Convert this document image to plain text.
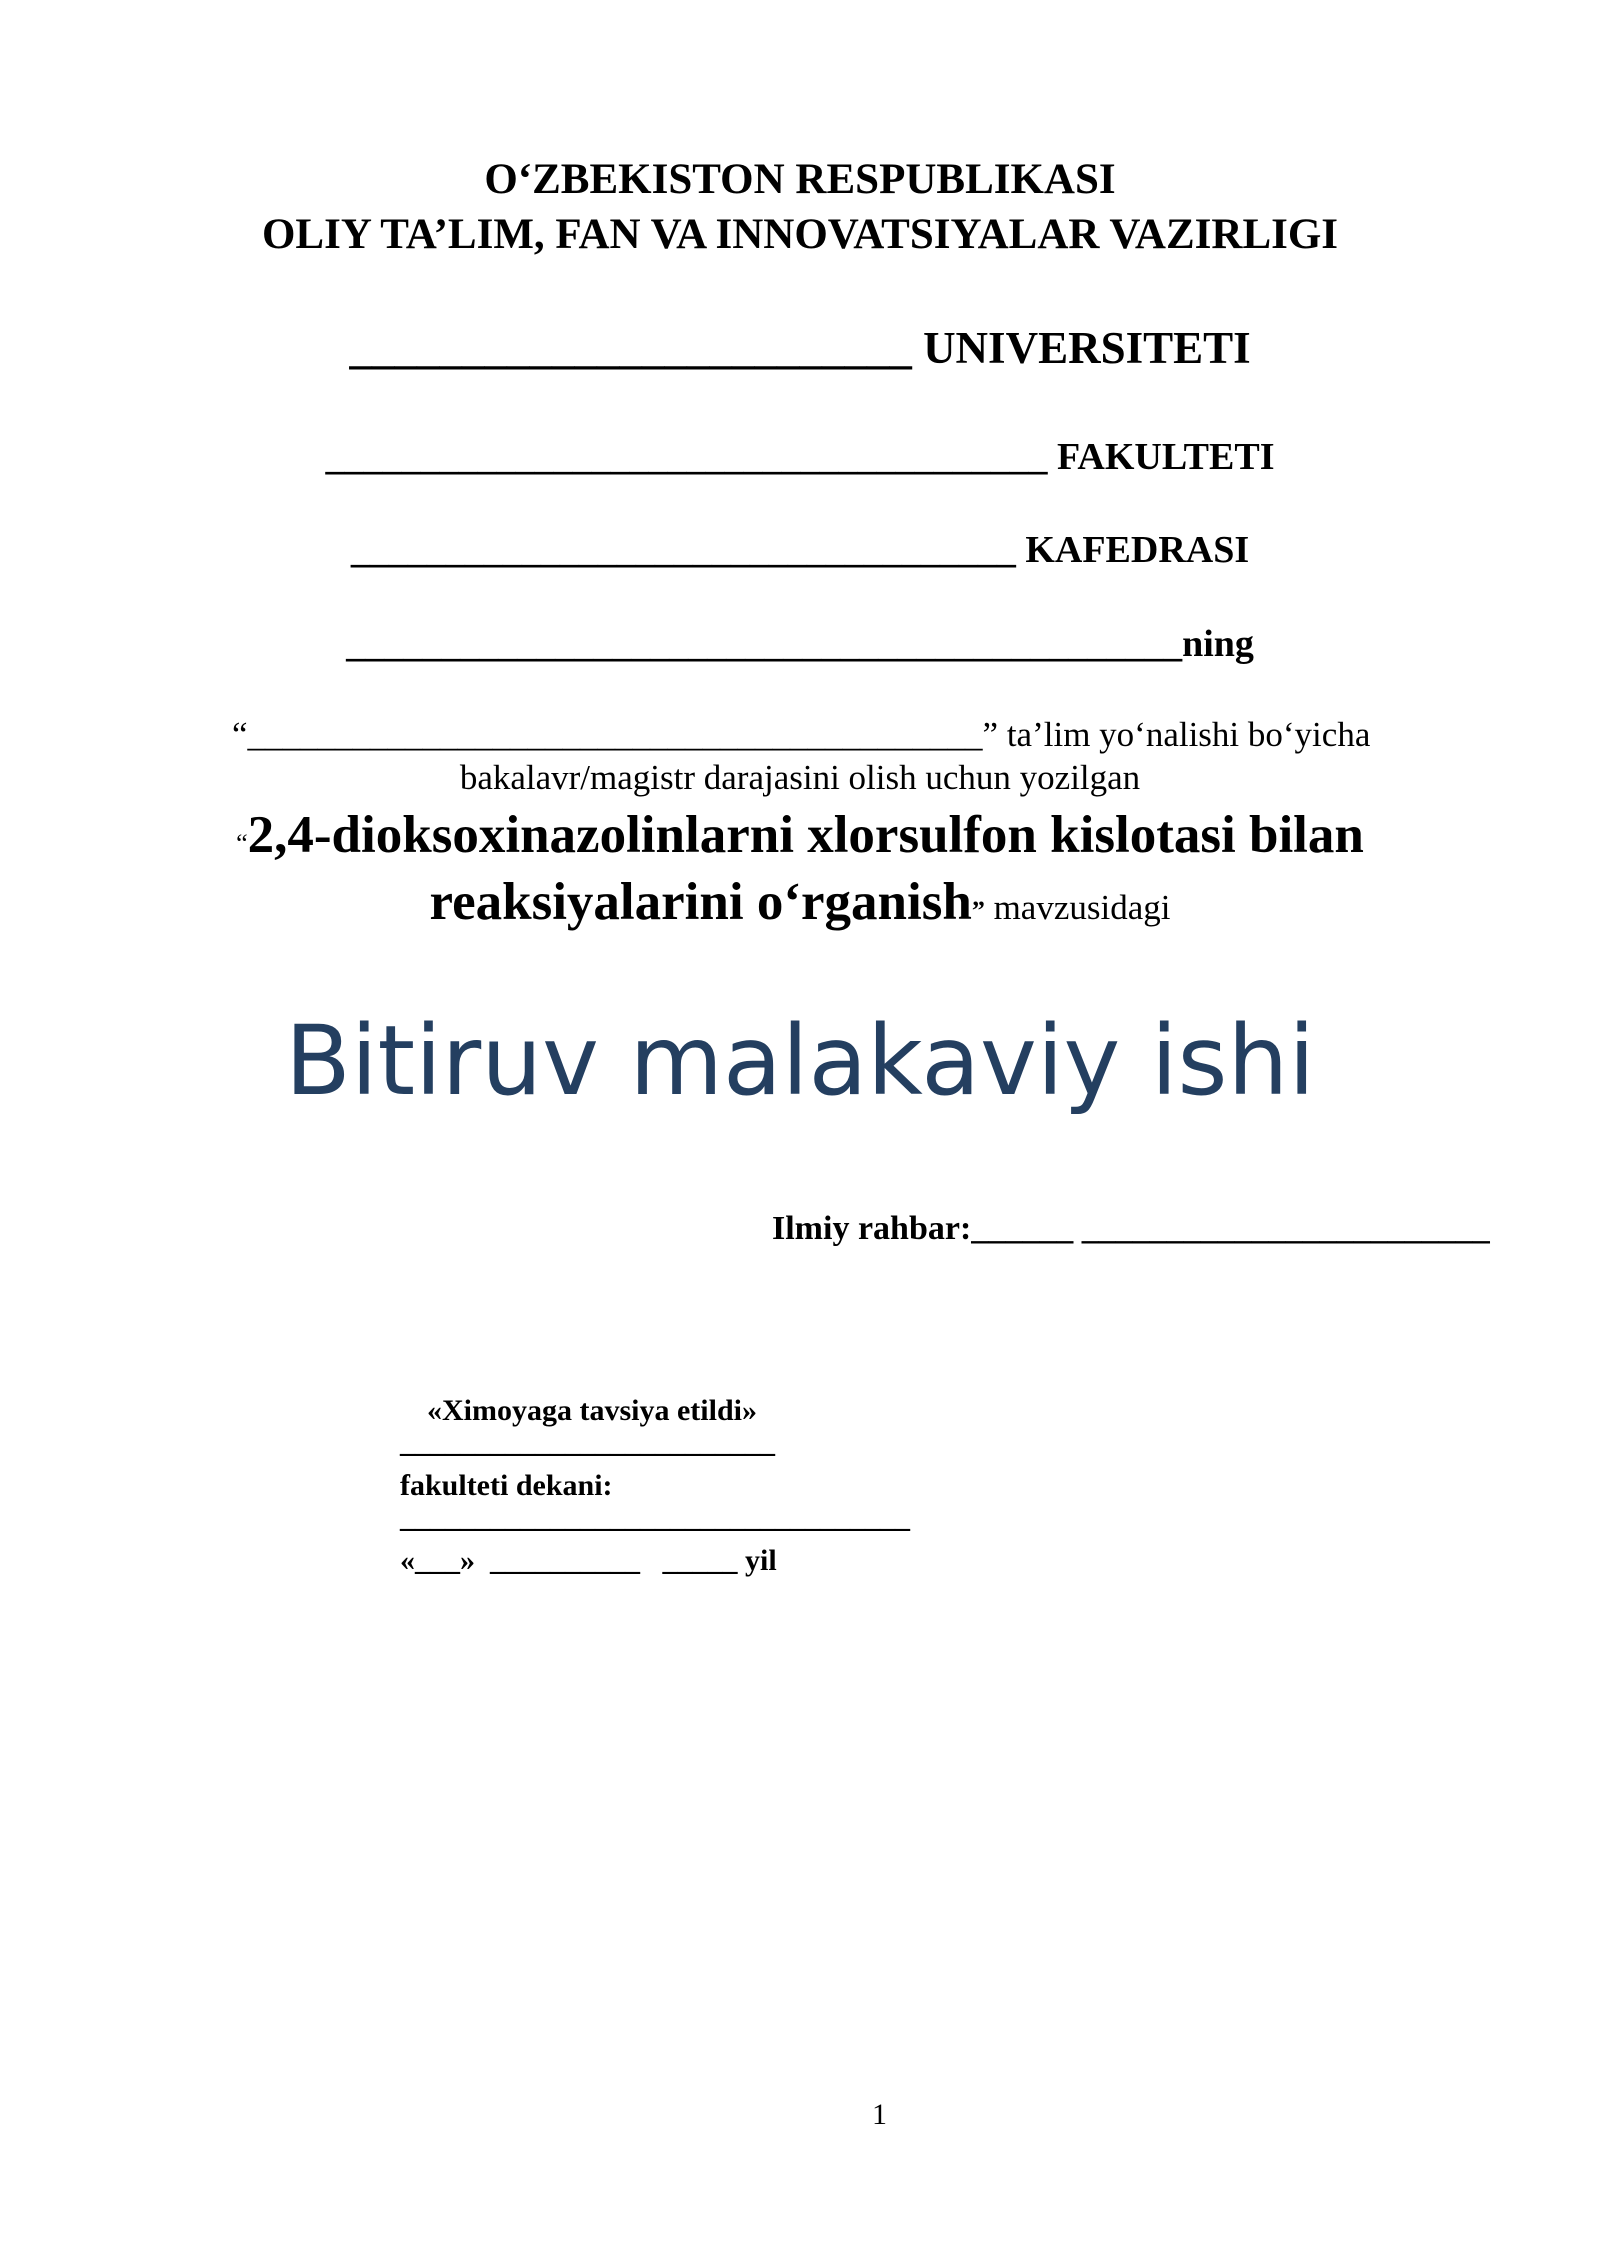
O‘ZBEKISTON RESPUBLIKASI
OLIY TA’LIM, FAN VA INNOVATSIYALAR VAZIRLIGI
_________________________ UNIVERSITETI
______________________________________ FAKULTETI
___________________________________ KAFEDRASI
____________________________________________ning
“__________________________________________” ta’lim yo‘nalishi bo‘yicha
bakalavr/magistr darajasini olish uchun yozilgan
“2,4-dioksoxinazolinlarni xlorsulfon kislotasi bilan
reaksiyalarini o‘rganish” mavzusidagi
Bitiruv malakaviy ishi
Ilmiy rahbar:______ ________________________
«Ximoyaga tavsiya etildi»
_________________________
fakulteti dekani:
__________________________________
«___» __________ _____ yil
1
